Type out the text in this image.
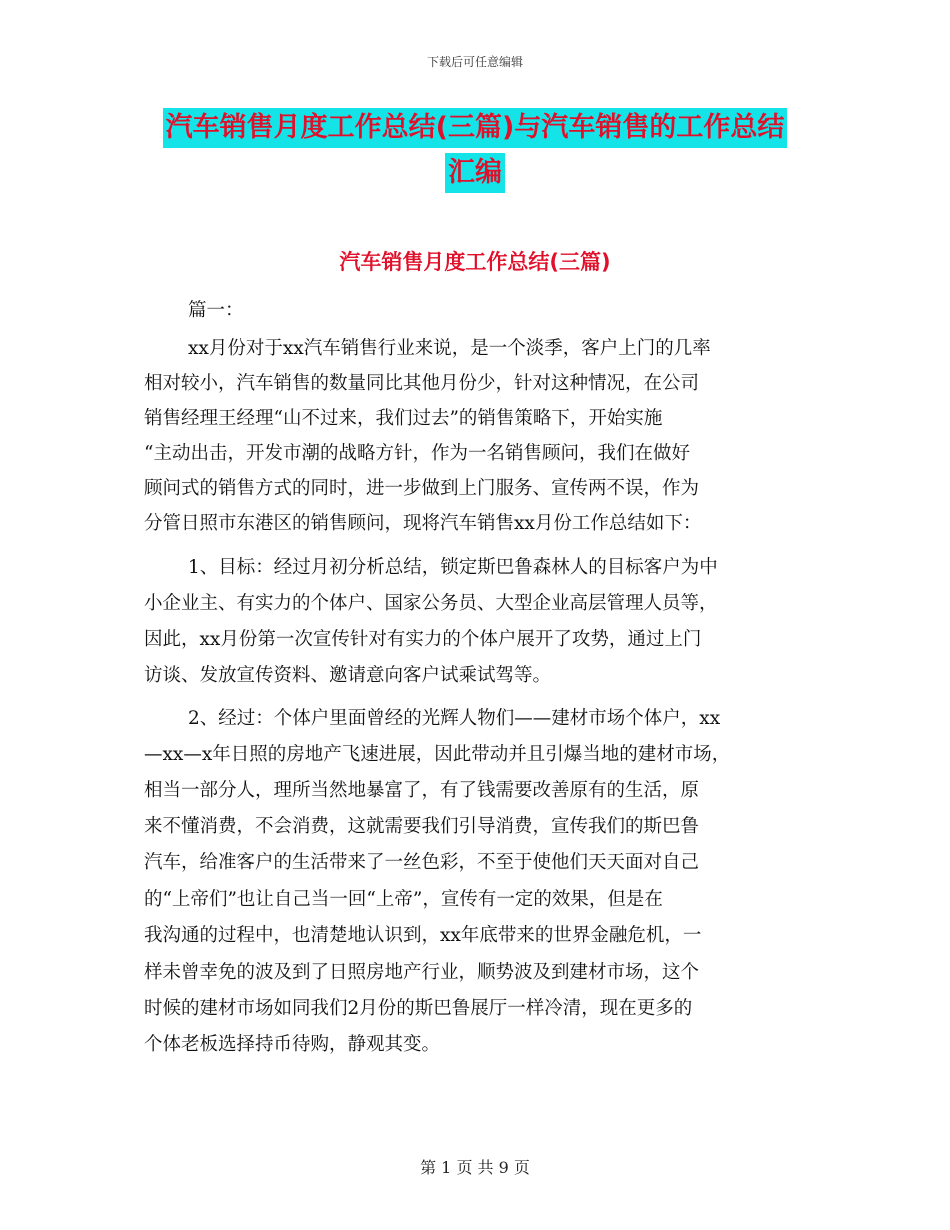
下载后可任意编辑
汽车销售月度工作总结(三篇)与汽车销售的工作总结
汇编
汽车销售月度工作总结(三篇)
篇一：
xx月份对于xx汽车销售行业来说，是一个淡季，客户上门的几率
相对较小，汽车销售的数量同比其他月份少，针对这种情况，在公司
销售经理王经理“山不过来，我们过去”的销售策略下，开始实施
“主动出击，开发市潮的战略方针，作为一名销售顾问，我们在做好
顾问式的销售方式的同时，进一步做到上门服务、宣传两不误，作为
分管日照市东港区的销售顾问，现将汽车销售xx月份工作总结如下：
1、目标：经过月初分析总结，锁定斯巴鲁森林人的目标客户为中
小企业主、有实力的个体户、国家公务员、大型企业高层管理人员等，
因此，xx月份第一次宣传针对有实力的个体户展开了攻势，通过上门
访谈、发放宣传资料、邀请意向客户试乘试驾等。
2、经过：个体户里面曾经的光辉人物们——建材市场个体户，xx
—xx—x年日照的房地产飞速进展，因此带动并且引爆当地的建材市场，
相当一部分人，理所当然地暴富了，有了钱需要改善原有的生活，原
来不懂消费，不会消费，这就需要我们引导消费，宣传我们的斯巴鲁
汽车，给准客户的生活带来了一丝色彩，不至于使他们天天面对自己
的“上帝们”也让自己当一回“上帝”，宣传有一定的效果，但是在
我沟通的过程中，也清楚地认识到，xx年底带来的世界金融危机，一
样未曾幸免的波及到了日照房地产行业，顺势波及到建材市场，这个
时候的建材市场如同我们2月份的斯巴鲁展厅一样冷清，现在更多的
个体老板选择持币待购，静观其变。
第 1 页 共 9 页
